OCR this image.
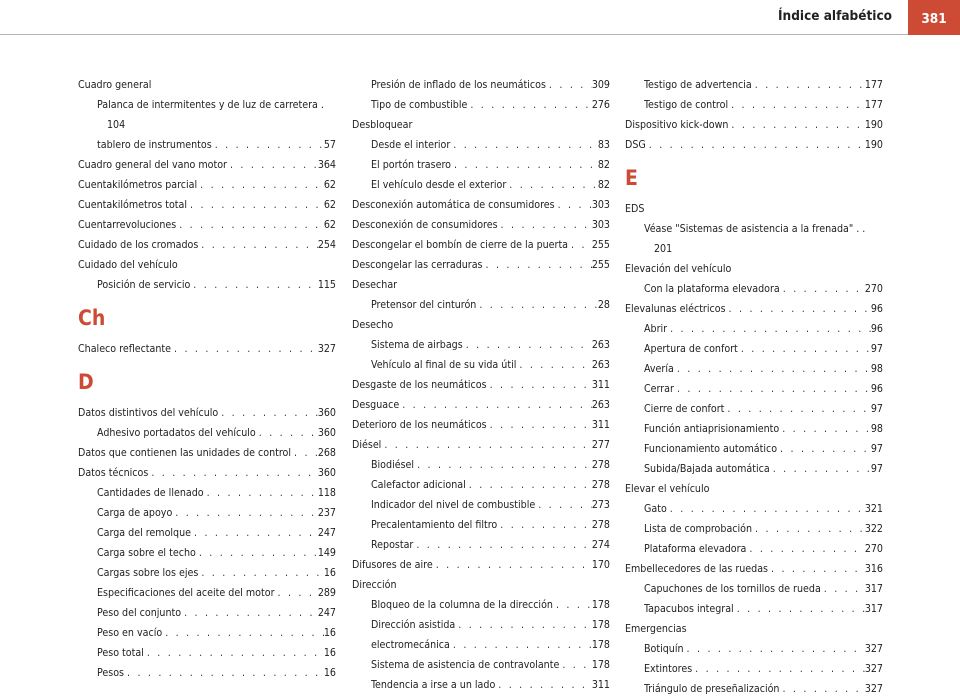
Índice alfabético	381
Cuadro general
Palanca de intermitentes y de luz de carretera .
104
tablero de instrumentos . . .	57
Cuadro general del vano motor . . .	364
Cuentakilómetros parcial . . .	62
Cuentakilómetros total . . .	62
Cuentarrevoluciones . . .	62
Cuidado de los cromados . . .	254
Cuidado del vehículo
Posición de servicio . . .	115
Ch
Chaleco reflectante . . .	327
D
Datos distintivos del vehículo . . .	360
Adhesivo portadatos del vehículo . . .	360
Datos que contienen las unidades de control . . .	268
Datos técnicos . . .	360
Cantidades de llenado . . .	118
Carga de apoyo . . .	237
Carga del remolque . . .	247
Carga sobre el techo . . .	149
Cargas sobre los ejes . . .	16
Especificaciones del aceite del motor . . .	289
Peso del conjunto . . .	247
Peso en vacío . . .	16
Peso total . . .	16
Pesos . . .	16
Presión de inflado de los neumáticos . . .	309
Tipo de combustible . . .	276
Desbloquear
Desde el interior . . .	83
El portón trasero . . .	82
El vehículo desde el exterior . . .	82
Desconexión automática de consumidores . . .	303
Desconexión de consumidores . . .	303
Descongelar el bombín de cierre de la puerta . . . 255
Descongelar las cerraduras . . .	255
Desechar
Pretensor del cinturón . . .	28
Desecho
Sistema de airbags . . .	263
Vehículo al final de su vida útil . . .	263
Desgaste de los neumáticos . . .	311
Desguace . . .	263
Deterioro de los neumáticos . . .	311
Diésel . . .	277
Biodiésel . . .	278
Calefactor adicional . . .	278
Indicador del nivel de combustible . . .	273
Precalentamiento del filtro . . .	278
Repostar . . .	274
Difusores de aire . . .	170
Dirección
Bloqueo de la columna de la dirección . . .	178
Dirección asistida . . .	178
electromecánica . . .	178
Sistema de asistencia de contravolante . . .	178
Tendencia a irse a un lado . . .	311
Testigo de advertencia . . .	177
Testigo de control . . .	177
Dispositivo kick-down . . .	190
DSG . . .	190
E
EDS
Véase "Sistemas de asistencia a la frenada" . .
201
Elevación del vehículo
Con la plataforma elevadora . . .	270
Elevalunas eléctricos . . .	96
Abrir . . .	96
Apertura de confort . . .	97
Avería . . .	98
Cerrar . . .	96
Cierre de confort . . .	97
Función antiaprisionamiento . . .	98
Funcionamiento automático . . .	97
Subida/Bajada automática . . .	97
Elevar el vehículo
Gato . . .	321
Lista de comprobación . . .	322
Plataforma elevadora . . .	270
Embellecedores de las ruedas . . .	316
Capuchones de los tornillos de rueda . . .	317
Tapacubos integral . . .	317
Emergencias
Botiquín . . .	327
Extintores . . .	327
Triángulo de preseñalización . . .	327
